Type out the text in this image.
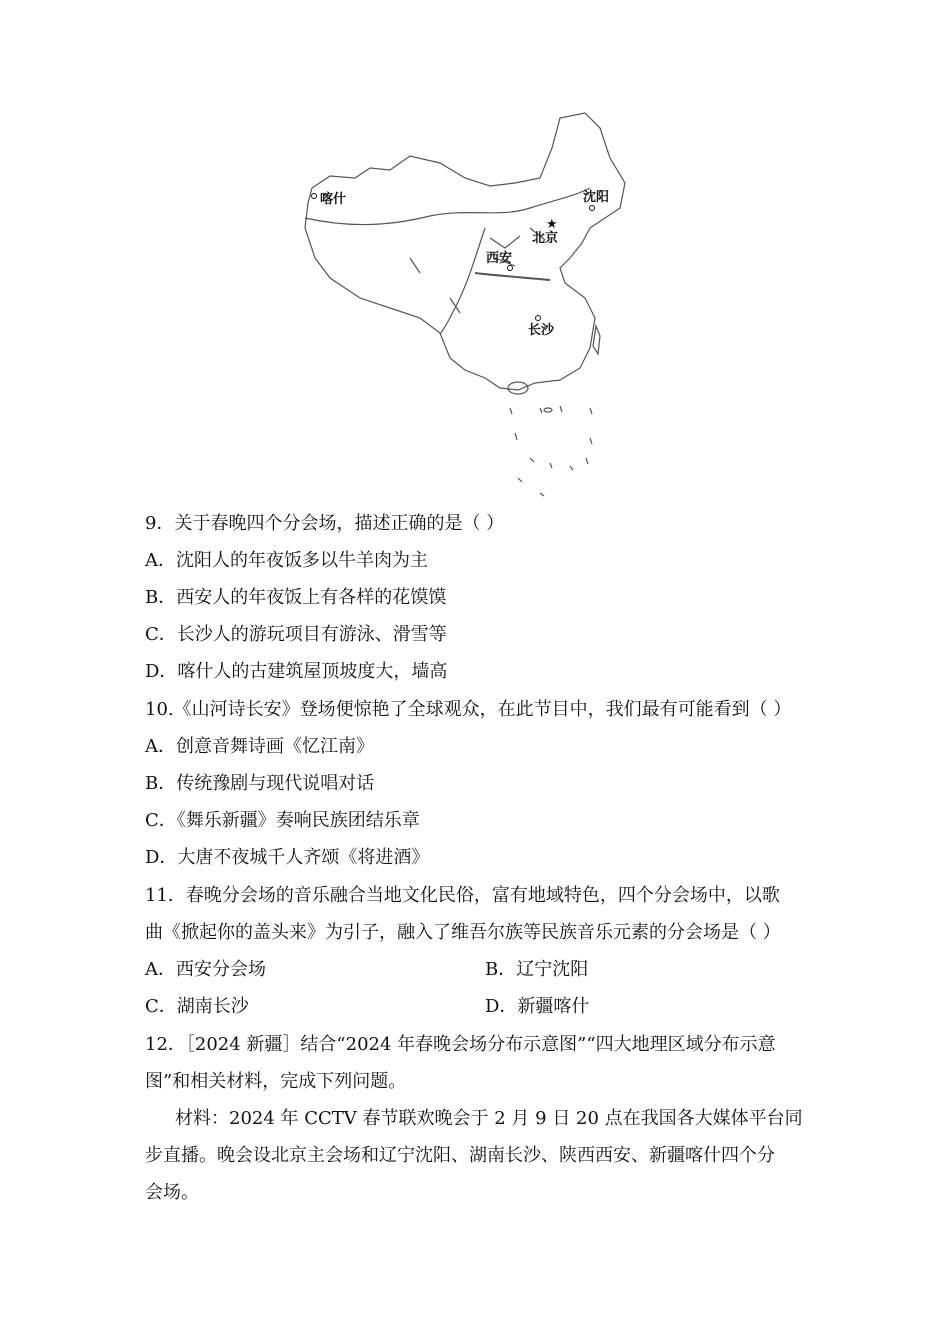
★
喀什	沈阳
北京
西安
长沙
9．关于春晚四个分会场，描述正确的是（ ）
A．沈阳人的年夜饭多以牛羊肉为主
B．西安人的年夜饭上有各样的花馍馍
C．长沙人的游玩项目有游泳、滑雪等
D．喀什人的古建筑屋顶坡度大，墙高
10.《山河诗长安》登场便惊艳了全球观众，在此节目中，我们最有可能看到（ ）
A．创意音舞诗画《忆江南》
B．传统豫剧与现代说唱对话
C．《舞乐新疆》奏响民族团结乐章
D．大唐不夜城千人齐颂《将进酒》
11．春晚分会场的音乐融合当地文化民俗，富有地域特色，四个分会场中，以歌
曲《掀起你的盖头来》为引子，融入了维吾尔族等民族音乐元素的分会场是（ ）
A．西安分会场	B．辽宁沈阳
C．湖南长沙	D．新疆喀什
12．［2024 新疆］结合“2024 年春晚会场分布示意图”“四大地理区域分布示意
图”和相关材料，完成下列问题。
材料：2024 年 CCTV 春节联欢晚会于 2 月 9 日 20 点在我国各大媒体平台同
步直播。晚会设北京主会场和辽宁沈阳、湖南长沙、陕西西安、新疆喀什四个分
会场。
